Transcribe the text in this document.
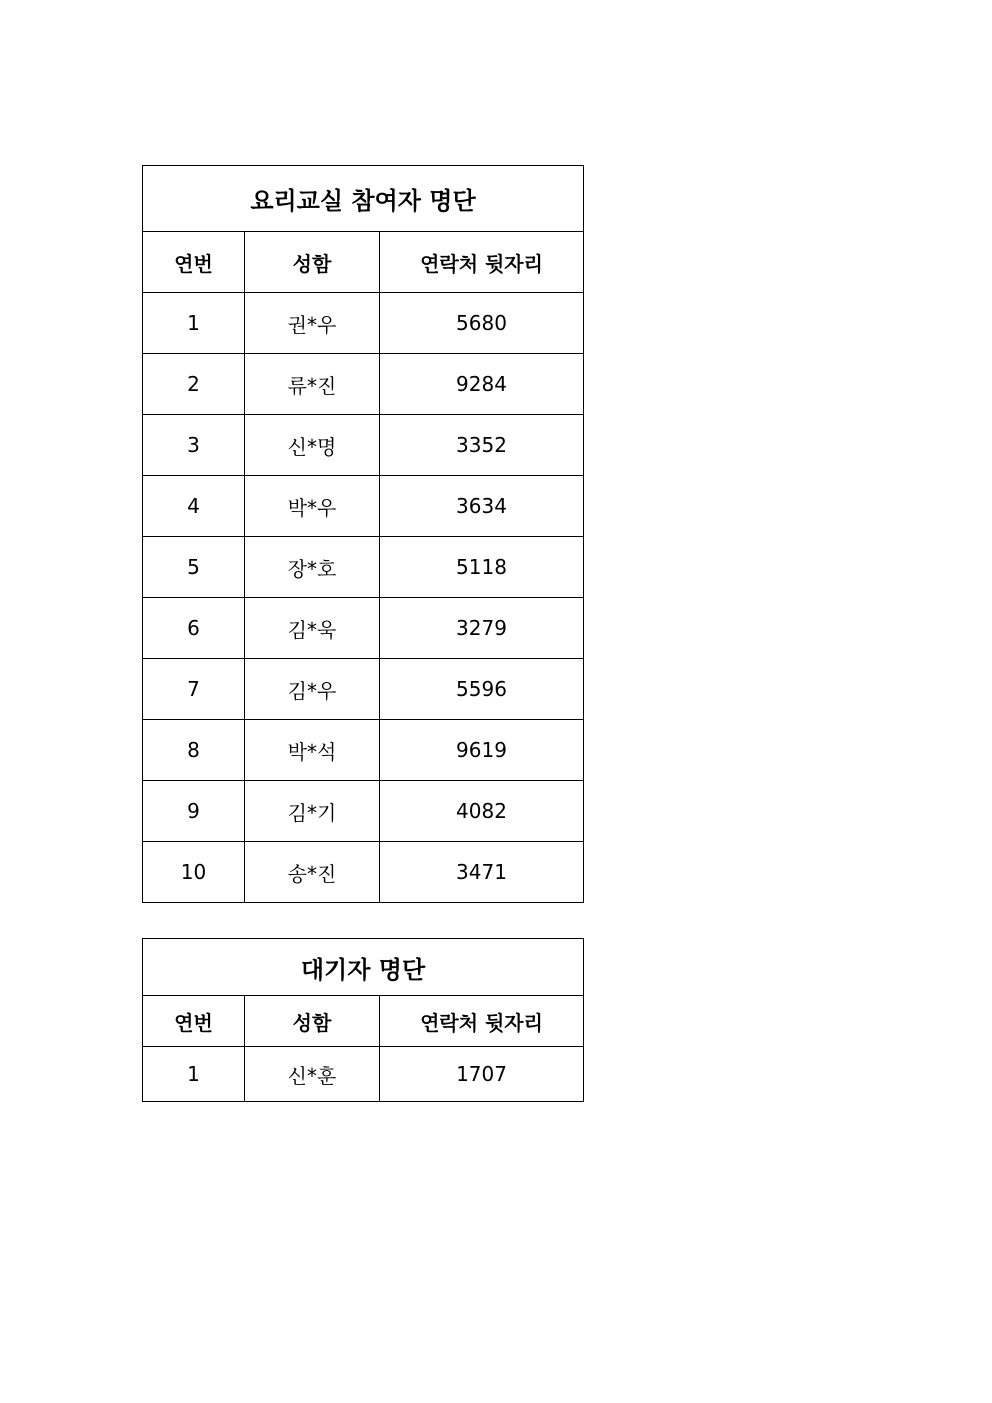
요리교실 참여자 명단		
연번	성함	연락처 뒷자리
1	권*우	5680
2	류*진	9284
3	신*명	3352
4	박*우	3634
5	장*호	5118
6	김*욱	3279
7	김*우	5596
8	박*석	9619
9	김*기	4082
10	송*진	3471
대기자 명단		
연번	성함	연락처 뒷자리
1	신*훈	1707
